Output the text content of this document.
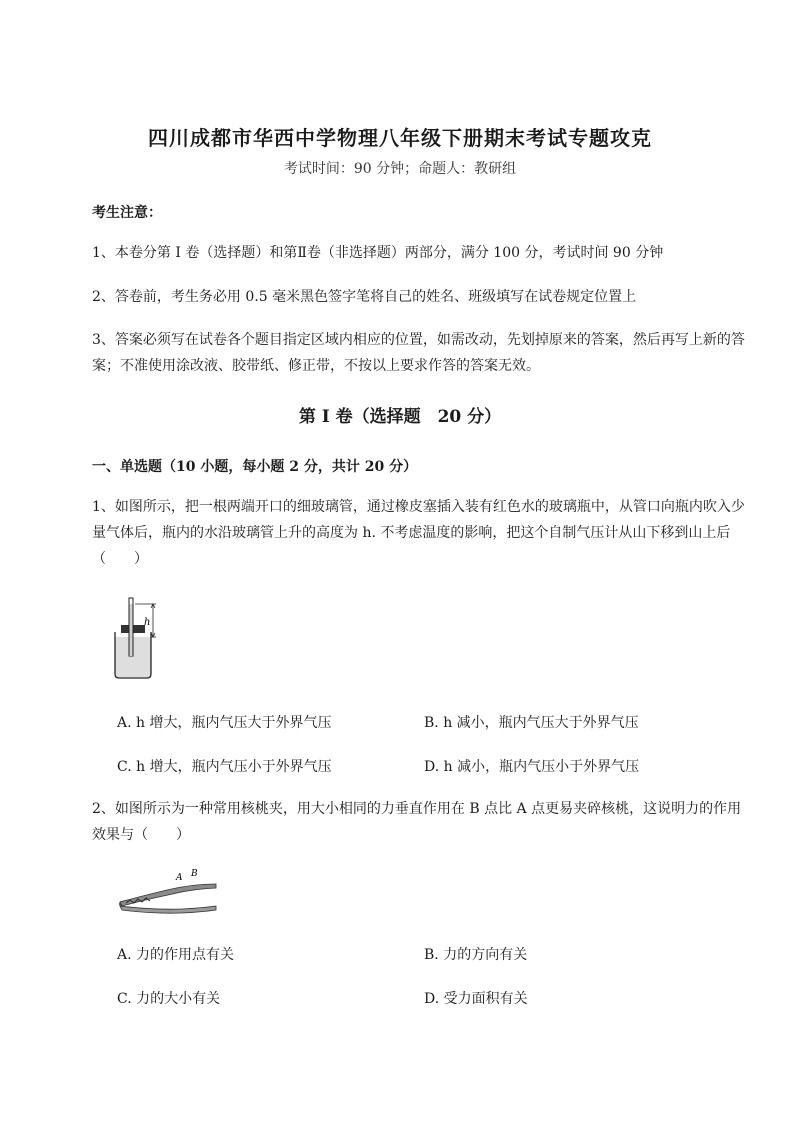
四川成都市华西中学物理八年级下册期末考试专题攻克
考试时间：90 分钟；命题人：教研组
考生注意：
1、本卷分第 I 卷（选择题）和第Ⅱ卷（非选择题）两部分，满分 100 分，考试时间 90 分钟
2、答卷前，考生务必用 0.5 毫米黑色签字笔将自己的姓名、班级填写在试卷规定位置上
3、答案必须写在试卷各个题目指定区域内相应的位置，如需改动，先划掉原来的答案，然后再写上新的答案；不准使用涂改液、胶带纸、修正带，不按以上要求作答的答案无效。
第 I 卷（选择题　20 分）
一、单选题（10 小题，每小题 2 分，共计 20 分）
1、如图所示，把一根两端开口的细玻璃管，通过橡皮塞插入装有红色水的玻璃瓶中，从管口向瓶内吹入少量气体后，瓶内的水沿玻璃管上升的高度为 h. 不考虑温度的影响，把这个自制气压计从山下移到山上后（　　）
h
A. h 增大，瓶内气压大于外界气压	B. h 减小，瓶内气压大于外界气压
C. h 增大，瓶内气压小于外界气压	D. h 减小，瓶内气压小于外界气压
2、如图所示为一种常用核桃夹，用大小相同的力垂直作用在 B 点比 A 点更易夹碎核桃，这说明力的作用效果与（　　）
A B
A. 力的作用点有关	B. 力的方向有关
C. 力的大小有关	D. 受力面积有关
